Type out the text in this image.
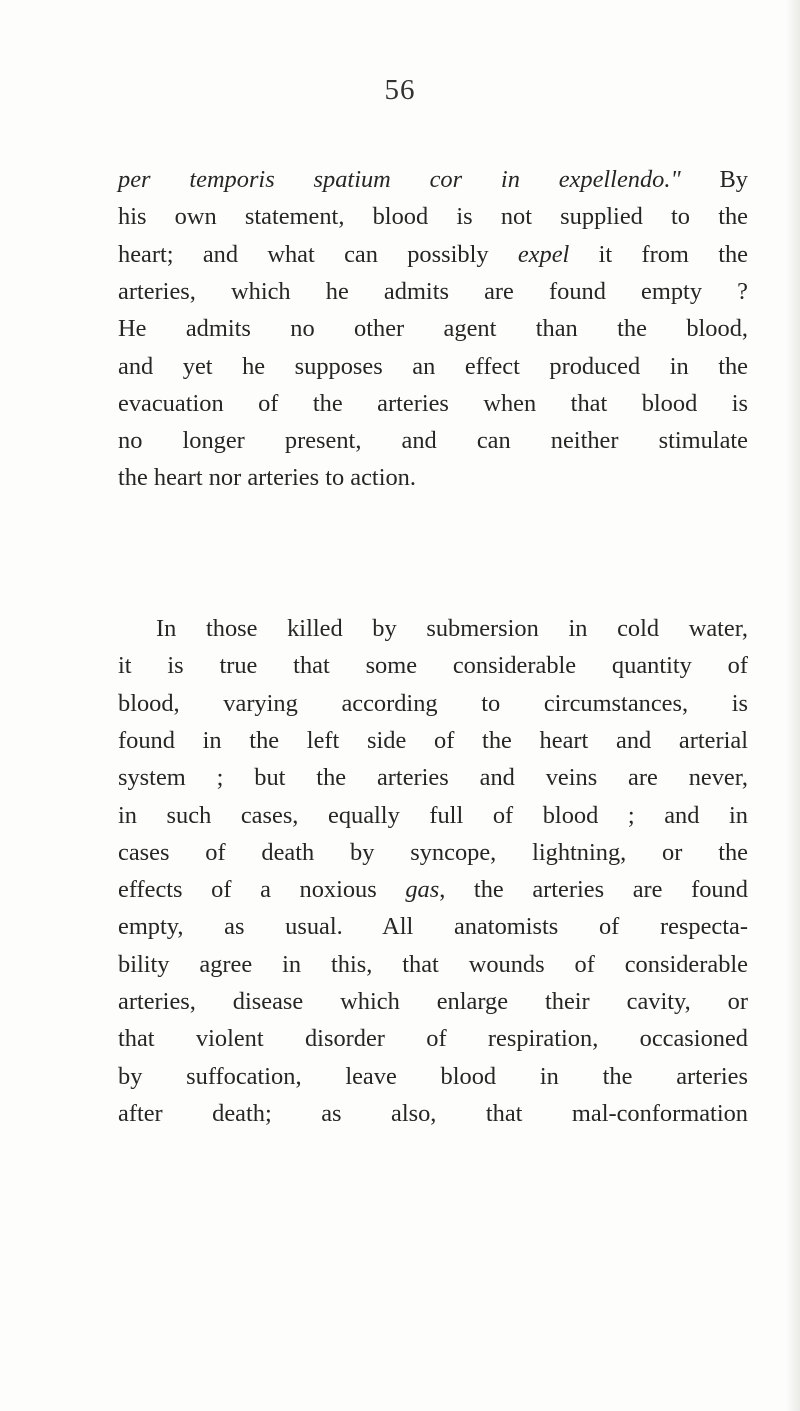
56
per temporis spatium cor in expellendo." By
his own statement, blood is not supplied to the
heart; and what can possibly expel it from the
arteries, which he admits are found empty ?
He admits no other agent than the blood,
and yet he supposes an effect produced in the
evacuation of the arteries when that blood is
no longer present, and can neither stimulate
the heart nor arteries to action.
In those killed by submersion in cold water,
it is true that some considerable quantity of
blood, varying according to circumstances, is
found in the left side of the heart and arterial
system ; but the arteries and veins are never,
in such cases, equally full of blood ; and in
cases of death by syncope, lightning, or the
effects of a noxious gas, the arteries are found
empty, as usual. All anatomists of respecta-
bility agree in this, that wounds of considerable
arteries, disease which enlarge their cavity, or
that violent disorder of respiration, occasioned
by suffocation, leave blood in the arteries
after death; as also, that mal-conformation
